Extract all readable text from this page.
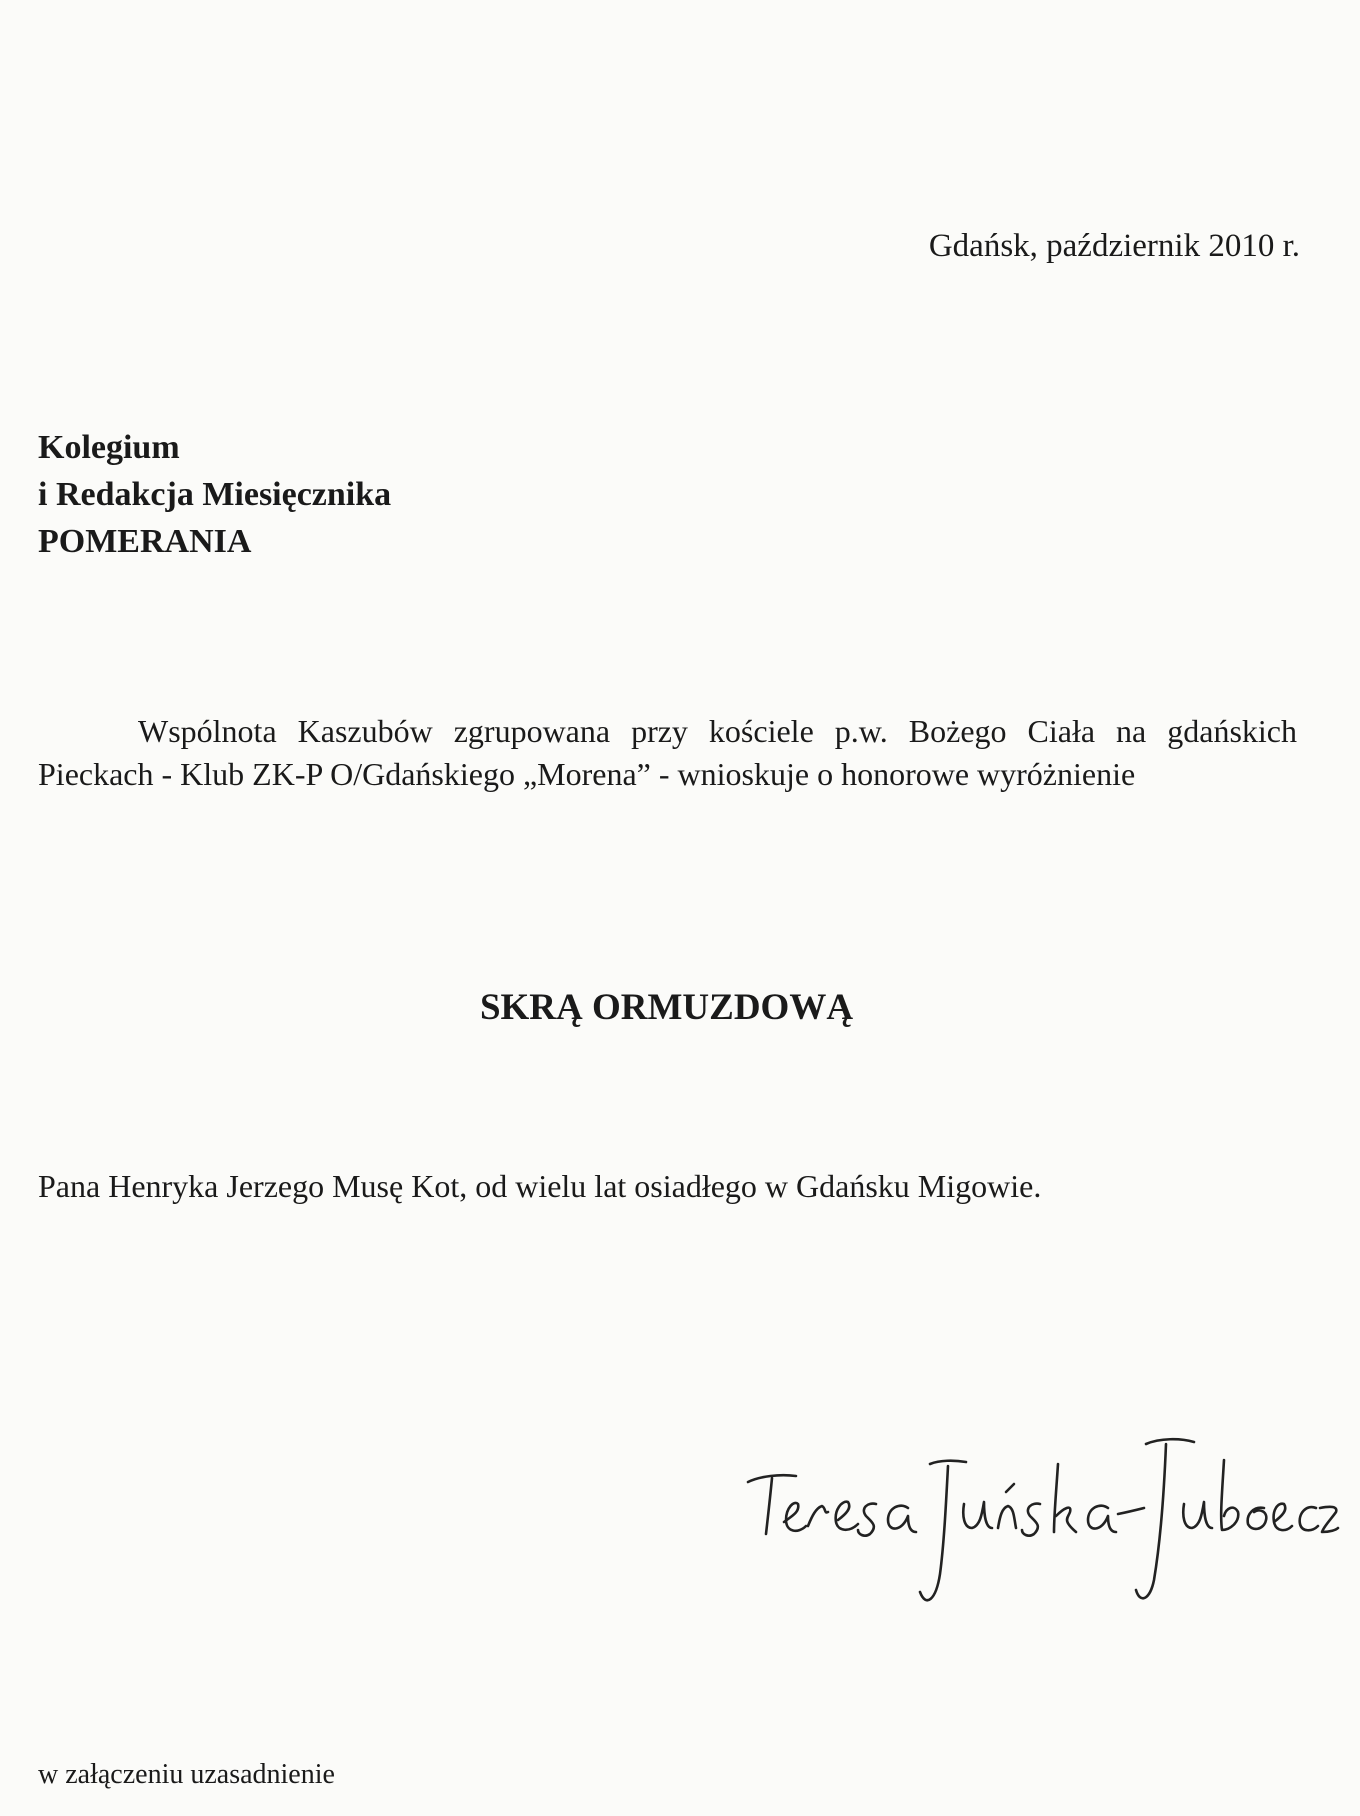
Gdańsk, październik 2010 r.
Kolegium
i Redakcja Miesięcznika
POMERANIA
Wspólnota Kaszubów zgrupowana przy kościele p.w. Bożego Ciała na gdańskich Pieckach - Klub ZK-P O/Gdańskiego „Morena” - wnioskuje o honorowe wyróżnienie
SKRĄ ORMUZDOWĄ
Pana Henryka Jerzego Musę Kot, od wielu lat osiadłego w Gdańsku Migowie.
w załączeniu uzasadnienie
